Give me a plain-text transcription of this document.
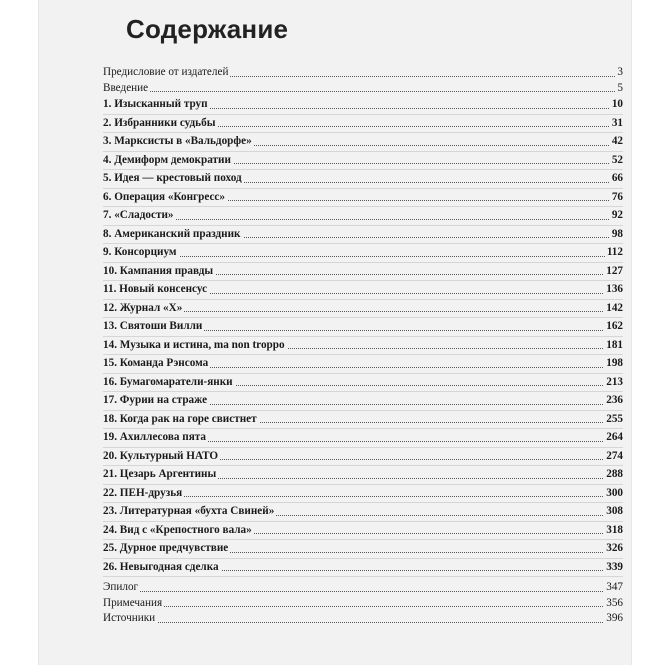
Содержание
Предисловие от издателей	3
Введение	5
1. Изысканный труп	10
2. Избранники судьбы	31
3. Марксисты в «Вальдорфе»	42
4. Демиформ демократии	52
5. Идея — крестовый поход	66
6. Операция «Конгресс»	76
7. «Сладости»	92
8. Американский праздник	98
9. Консорциум	112
10. Кампания правды	127
11. Новый консенсус	136
12. Журнал «Х»	142
13. Святоши Вилли	162
14. Музыка и истина, ma non troppo	181
15. Команда Рэнсома	198
16. Бумагомаратели-янки	213
17. Фурии на страже	236
18. Когда рак на горе свистнет	255
19. Ахиллесова пята	264
20. Культурный НАТО	274
21. Цезарь Аргентины	288
22. ПЕН-друзья	300
23. Литературная «бухта Свиней»	308
24. Вид с «Крепостного вала»	318
25. Дурное предчувствие	326
26. Невыгодная сделка	339
Эпилог	347
Примечания	356
Источники	396
